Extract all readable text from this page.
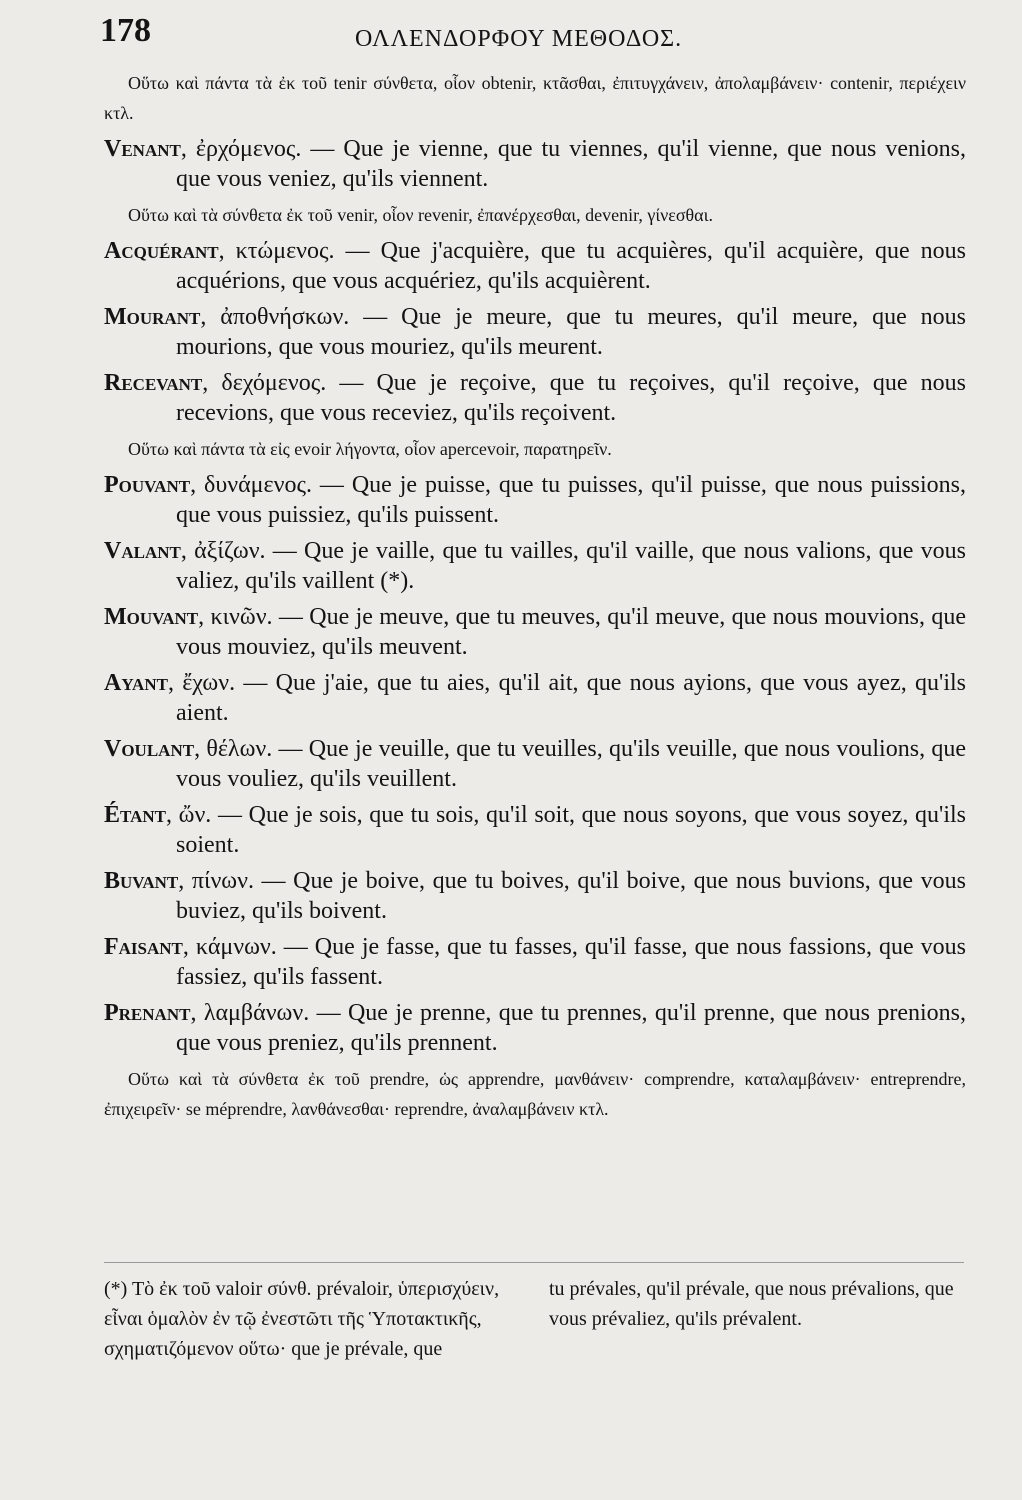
178	ΟΛΛΕΝΔΟΡΦΟΥ ΜΕΘΟΔΟΣ.

Οὕτω καὶ πάντα τὰ ἐκ τοῦ tenir σύνθετα, οἷον obtenir, κτᾶσθαι, ἐπιτυγχάνειν, ἀπολαμβάνειν· contenir, περιέχειν κτλ.

Venant, ἐρχόμενος. — Que je vienne, que tu viennes, qu'il vienne, que nous venions, que vous veniez, qu'ils viennent.

Οὕτω καὶ τὰ σύνθετα ἐκ τοῦ venir, οἷον revenir, ἐπανέρχεσθαι, devenir, γίνεσθαι.

Acquérant, κτώμενος. — Que j'acquière, que tu acquières, qu'il acquière, que nous acquérions, que vous acquériez, qu'ils acquièrent.

Mourant, ἀποθνήσκων. — Que je meure, que tu meures, qu'il meure, que nous mourions, que vous mouriez, qu'ils meurent.

Recevant, δεχόμενος. — Que je reçoive, que tu reçoives, qu'il reçoive, que nous recevions, que vous receviez, qu'ils reçoivent.

Οὕτω καὶ πάντα τὰ εἰς evoir λήγοντα, οἷον apercevoir, παρατηρεῖν.

Pouvant, δυνάμενος. — Que je puisse, que tu puisses, qu'il puisse, que nous puissions, que vous puissiez, qu'ils puissent.

Valant, ἀξίζων. — Que je vaille, que tu vailles, qu'il vaille, que nous valions, que vous valiez, qu'ils vaillent (*).

Mouvant, κινῶν. — Que je meuve, que tu meuves, qu'il meuve, que nous mouvions, que vous mouviez, qu'ils meuvent.

Ayant, ἔχων. — Que j'aie, que tu aies, qu'il ait, que nous ayions, que vous ayez, qu'ils aient.

Voulant, θέλων. — Que je veuille, que tu veuilles, qu'ils veuille, que nous voulions, que vous vouliez, qu'ils veuillent.

Étant, ὤν. — Que je sois, que tu sois, qu'il soit, que nous soyons, que vous soyez, qu'ils soient.

Buvant, πίνων. — Que je boive, que tu boives, qu'il boive, que nous buvions, que vous buviez, qu'ils boivent.

Faisant, κάμνων. — Que je fasse, que tu fasses, qu'il fasse, que nous fassions, que vous fassiez, qu'ils fassent.

Prenant, λαμβάνων. — Que je prenne, que tu prennes, qu'il prenne, que nous prenions, que vous preniez, qu'ils prennent.

Οὕτω καὶ τὰ σύνθετα ἐκ τοῦ prendre, ὡς apprendre, μανθάνειν· comprendre, καταλαμβάνειν· entreprendre, ἐπιχειρεῖν· se méprendre, λανθάνεσθαι· reprendre, ἀναλαμβάνειν κτλ.

(*) Τὸ ἐκ τοῦ valoir σύνθ. prévaloir, ὑπερισχύειν, εἶναι ὁμαλὸν ἐν τῷ ἐνεστῶτι τῆς Ὑποτακτικῆς, σχηματιζόμενον οὕτω· que je prévale, que

tu prévales, qu'il prévale, que nous prévalions, que vous prévaliez, qu'ils prévalent.
